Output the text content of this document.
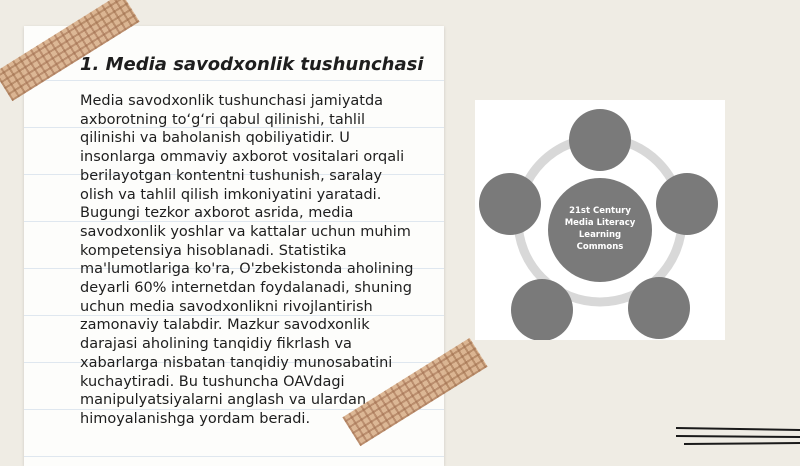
1. Media savodxonlik tushunchasi

Media savodxonlik tushunchasi jamiyatda axborotning to‘g‘ri qabul qilinishi, tahlil qilinishi va baholanish qobiliyatidir. U insonlarga ommaviy axborot vositalari orqali berilayotgan kontentni tushunish, saralay olish va tahlil qilish imkoniyatini yaratadi. Bugungi tezkor axborot asrida, media savodxonlik yoshlar va kattalar uchun muhim kompetensiya hisoblanadi. Statistika ma'lumotlariga ko'ra, O'zbekistonda aholining deyarli 60% internetdan foydalanadi, shuning uchun media savodxonlikni rivojlantirish zamonaviy talabdir. Mazkur savodxonlik darajasi aholining tanqidiy fikrlash va xabarlarga nisbatan tanqidiy munosabatini kuchaytiradi. Bu tushuncha OAVdagi manipulyatsiyalarni anglash va ulardan himoyalanishga yordam beradi.

21st Century
Media Literacy
Learning
Commons
